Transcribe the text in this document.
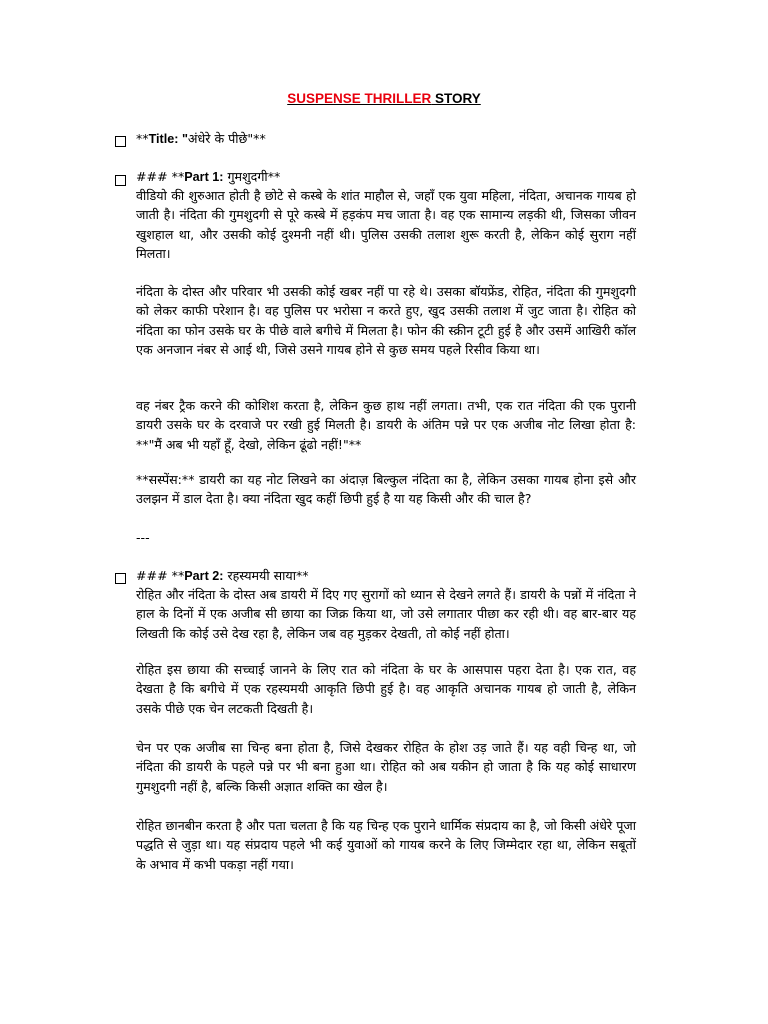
SUSPENSE THRILLER STORY

**Title: "अंधेरे के पीछे"**

### **Part 1: गुमशुदगी**

वीडियो की शुरुआत होती है छोटे से कस्बे के शांत माहौल से, जहाँ एक युवा महिला, नंदिता, अचानक गायब हो जाती है। नंदिता की गुमशुदगी से पूरे कस्बे में हड़कंप मच जाता है। वह एक सामान्य लड़की थी, जिसका जीवन खुशहाल था, और उसकी कोई दुश्मनी नहीं थी। पुलिस उसकी तलाश शुरू करती है, लेकिन कोई सुराग नहीं मिलता।

नंदिता के दोस्त और परिवार भी उसकी कोई खबर नहीं पा रहे थे। उसका बॉयफ्रेंड, रोहित, नंदिता की गुमशुदगी को लेकर काफी परेशान है। वह पुलिस पर भरोसा न करते हुए, खुद उसकी तलाश में जुट जाता है। रोहित को नंदिता का फोन उसके घर के पीछे वाले बगीचे में मिलता है। फोन की स्क्रीन टूटी हुई है और उसमें आखिरी कॉल एक अनजान नंबर से आई थी, जिसे उसने गायब होने से कुछ समय पहले रिसीव किया था।

वह नंबर ट्रैक करने की कोशिश करता है, लेकिन कुछ हाथ नहीं लगता। तभी, एक रात नंदिता की एक पुरानी डायरी उसके घर के दरवाजे पर रखी हुई मिलती है। डायरी के अंतिम पन्ने पर एक अजीब नोट लिखा होता है: **"मैं अब भी यहाँ हूँ, देखो, लेकिन ढूंढो नहीं!"**

**सस्पेंस:** डायरी का यह नोट लिखने का अंदाज़ बिल्कुल नंदिता का है, लेकिन उसका गायब होना इसे और उलझन में डाल देता है। क्या नंदिता खुद कहीं छिपी हुई है या यह किसी और की चाल है?

---

### **Part 2: रहस्यमयी साया**

रोहित और नंदिता के दोस्त अब डायरी में दिए गए सुरागों को ध्यान से देखने लगते हैं। डायरी के पन्नों में नंदिता ने हाल के दिनों में एक अजीब सी छाया का जिक्र किया था, जो उसे लगातार पीछा कर रही थी। वह बार-बार यह लिखती कि कोई उसे देख रहा है, लेकिन जब वह मुड़कर देखती, तो कोई नहीं होता।

रोहित इस छाया की सच्चाई जानने के लिए रात को नंदिता के घर के आसपास पहरा देता है। एक रात, वह देखता है कि बगीचे में एक रहस्यमयी आकृति छिपी हुई है। वह आकृति अचानक गायब हो जाती है, लेकिन उसके पीछे एक चेन लटकती दिखती है।

चेन पर एक अजीब सा चिन्ह बना होता है, जिसे देखकर रोहित के होश उड़ जाते हैं। यह वही चिन्ह था, जो नंदिता की डायरी के पहले पन्ने पर भी बना हुआ था। रोहित को अब यकीन हो जाता है कि यह कोई साधारण गुमशुदगी नहीं है, बल्कि किसी अज्ञात शक्ति का खेल है।

रोहित छानबीन करता है और पता चलता है कि यह चिन्ह एक पुराने धार्मिक संप्रदाय का है, जो किसी अंधेरे पूजा पद्धति से जुड़ा था। यह संप्रदाय पहले भी कई युवाओं को गायब करने के लिए जिम्मेदार रहा था, लेकिन सबूतों के अभाव में कभी पकड़ा नहीं गया।
